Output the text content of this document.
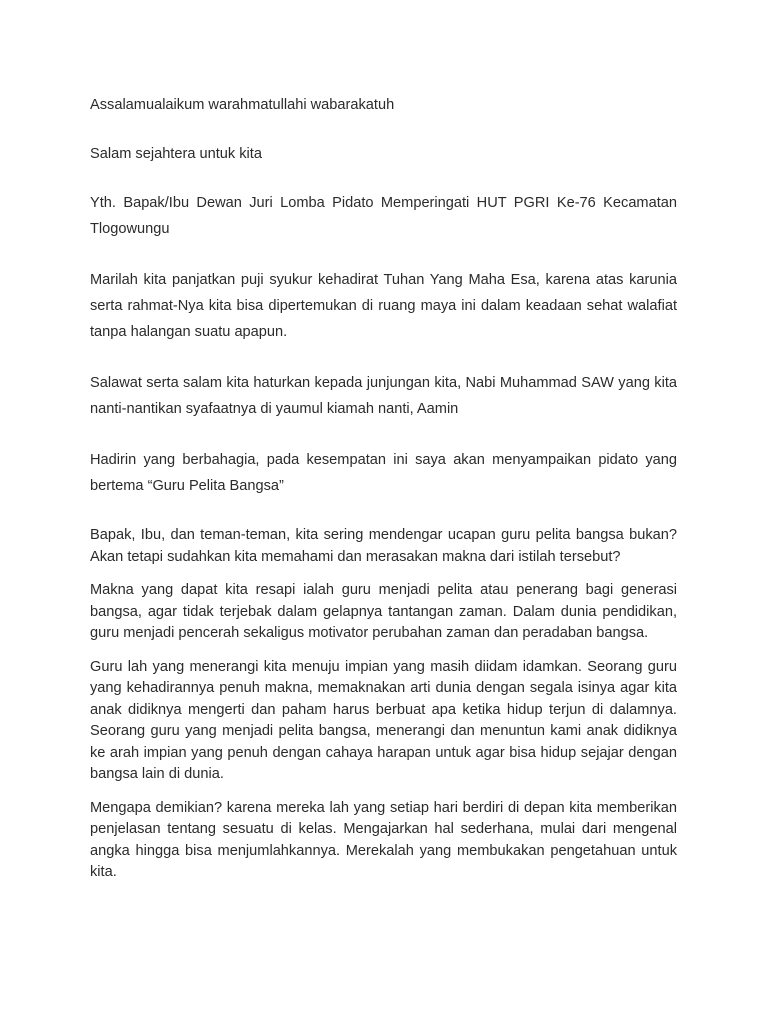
Assalamualaikum warahmatullahi wabarakatuh

Salam sejahtera untuk kita

Yth. Bapak/Ibu Dewan Juri Lomba Pidato Memperingati HUT PGRI Ke-76 Kecamatan Tlogowungu

Marilah kita panjatkan puji syukur kehadirat Tuhan Yang Maha Esa, karena atas karunia serta rahmat-Nya kita bisa dipertemukan di ruang maya ini dalam keadaan sehat walafiat tanpa halangan suatu apapun.

Salawat serta salam kita haturkan kepada junjungan kita, Nabi Muhammad SAW yang kita nanti-nantikan syafaatnya di yaumul kiamah nanti, Aamin

Hadirin yang berbahagia, pada kesempatan ini saya akan menyampaikan pidato yang bertema “Guru Pelita Bangsa”

Bapak, Ibu, dan teman-teman, kita sering mendengar ucapan guru pelita bangsa bukan? Akan tetapi sudahkan kita memahami dan merasakan makna dari istilah tersebut?

Makna yang dapat kita resapi ialah guru menjadi pelita atau penerang bagi generasi bangsa, agar tidak terjebak dalam gelapnya tantangan zaman. Dalam dunia pendidikan, guru menjadi pencerah sekaligus motivator perubahan zaman dan peradaban bangsa.

Guru lah yang menerangi kita menuju impian yang masih diidam idamkan. Seorang guru yang kehadirannya penuh makna, memaknakan arti dunia dengan segala isinya agar kita anak didiknya mengerti dan paham harus berbuat apa ketika hidup terjun di dalamnya. Seorang guru yang menjadi pelita bangsa, menerangi dan menuntun kami anak didiknya ke arah impian yang penuh dengan cahaya harapan untuk agar bisa hidup sejajar dengan bangsa lain di dunia.

Mengapa demikian? karena mereka lah yang setiap hari berdiri di depan kita memberikan penjelasan tentang sesuatu di kelas. Mengajarkan hal sederhana, mulai dari mengenal angka hingga bisa menjumlahkannya. Merekalah yang membukakan pengetahuan untuk kita.
